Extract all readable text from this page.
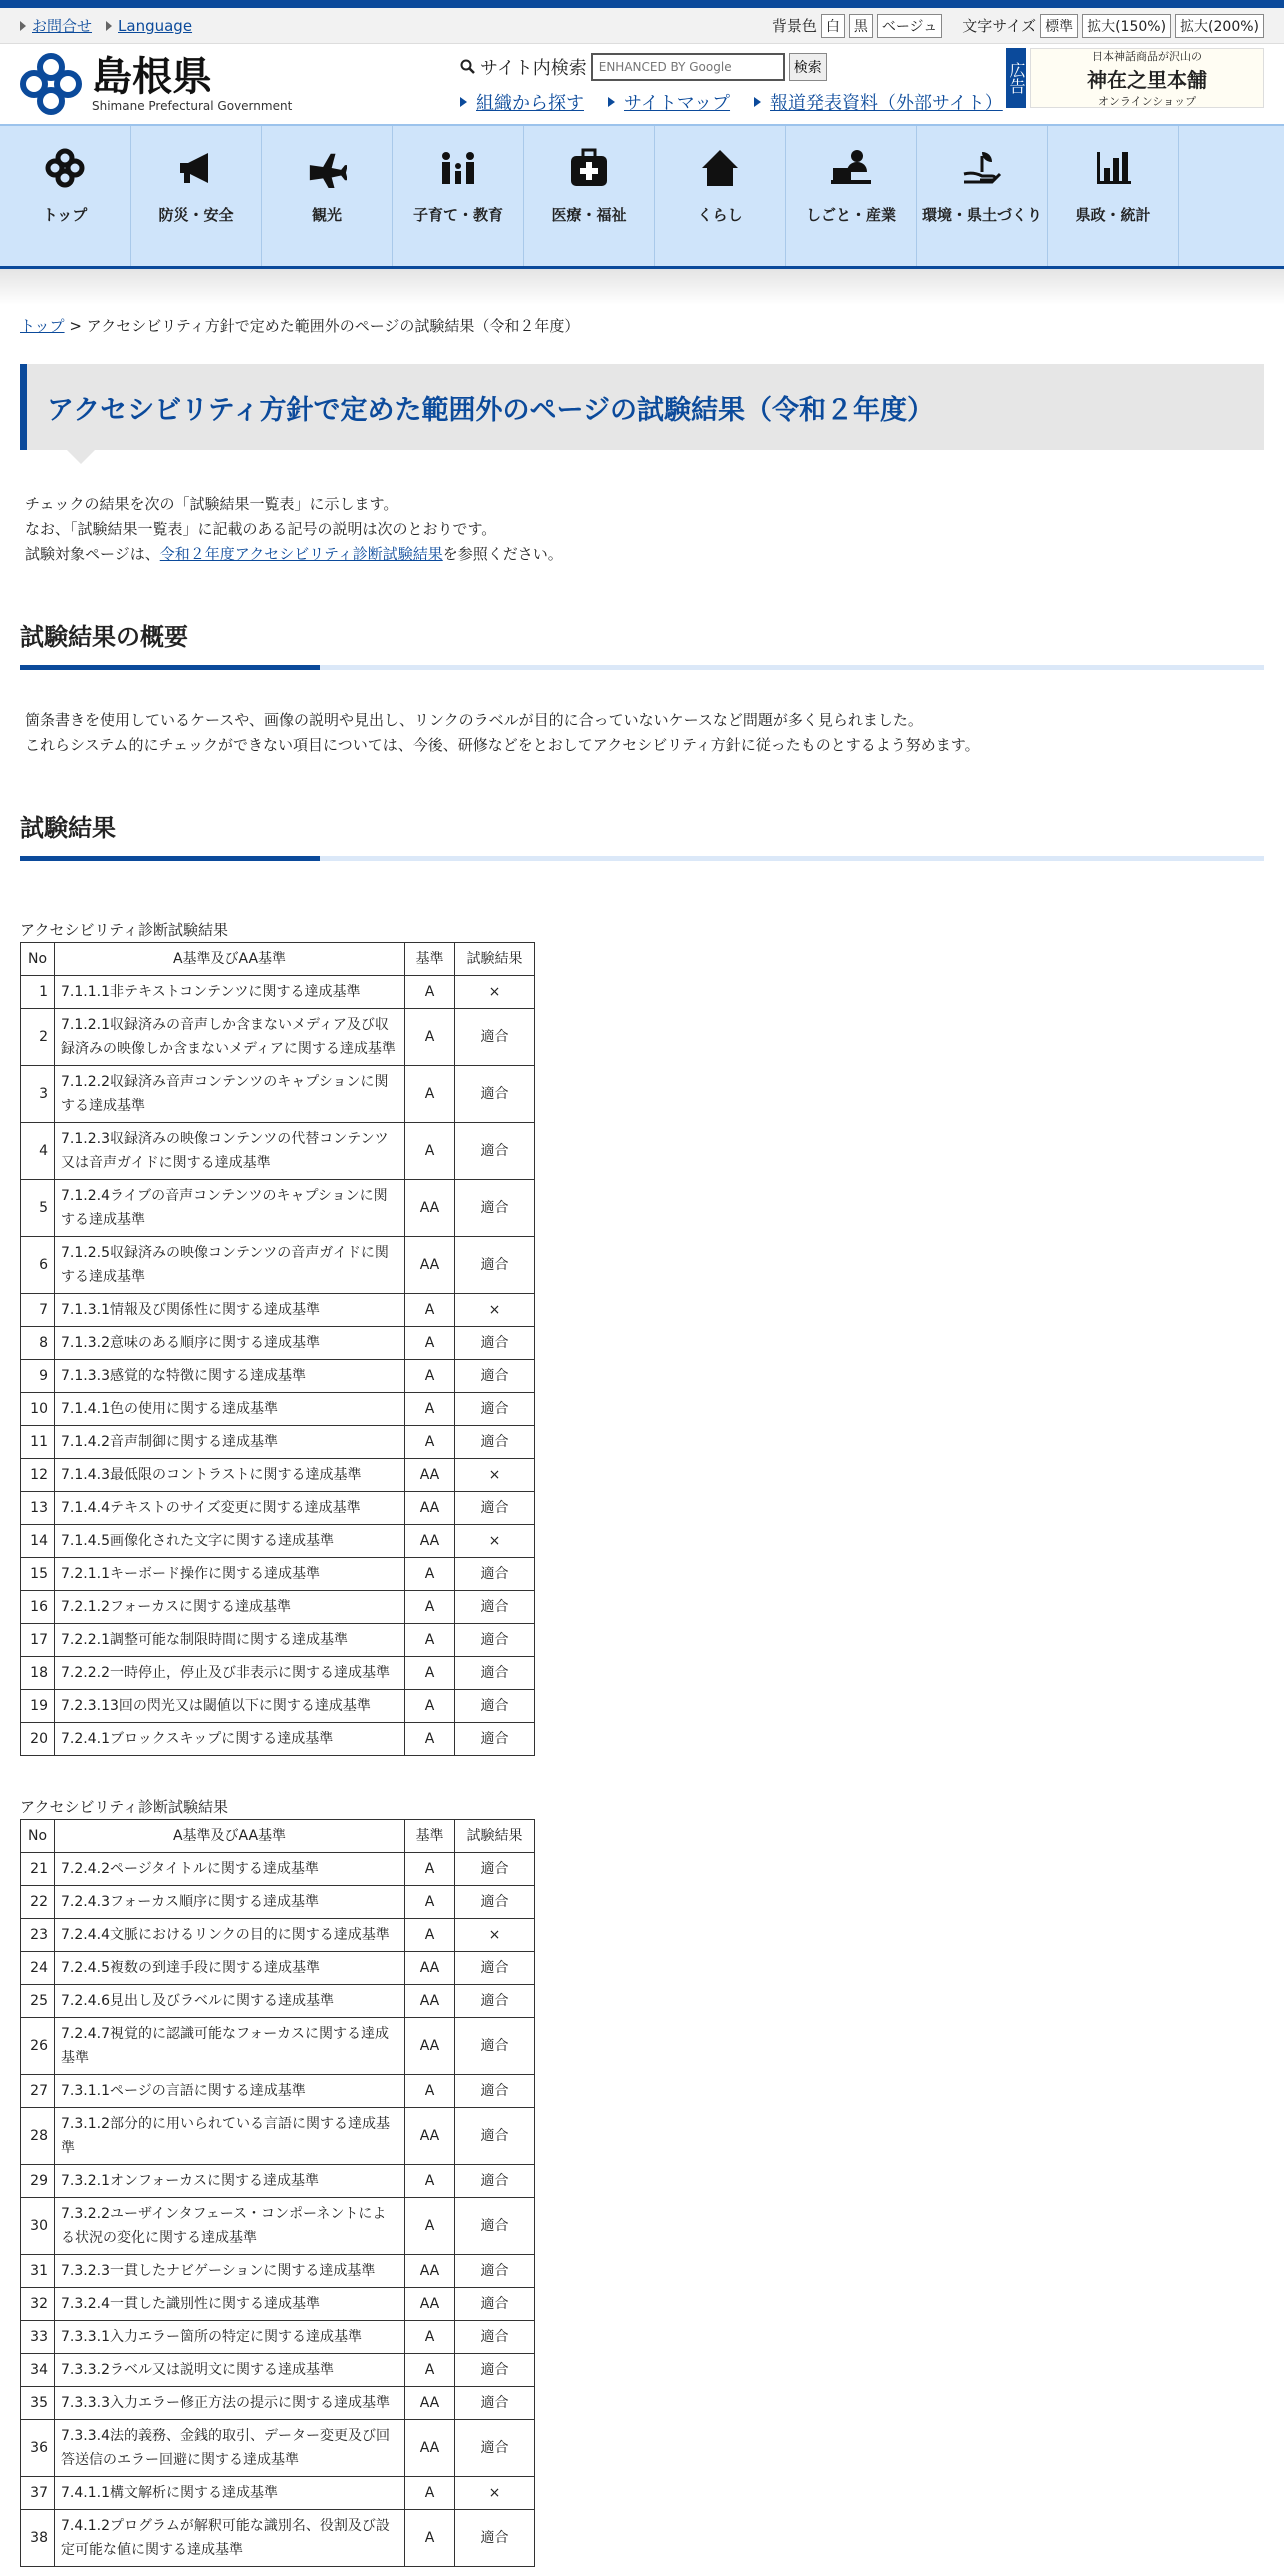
お問合せ Language	背景色 白	黒	ベージュ	文字サイズ 標準	拡大(150%)	拡大(200%)
島根県
Shimane Prefectural Government
サイト内検索
ENHANCED BY Google	検索
組織から探す サイトマップ 報道発表資料（外部サイト）
広告
日本神話商品が沢山の
神在之里本舗
オンラインショップ
トップ	防災・安全	観光	子育て・教育	医療・福祉	くらし	しごと・産業 環境・県土づくり 県政・統計
トップ > アクセシビリティ方針で定めた範囲外のページの試験結果（令和２年度）
アクセシビリティ方針で定めた範囲外のページの試験結果（令和２年度）
チェックの結果を次の「試験結果一覧表」に示します。
なお、「試験結果一覧表」に記載のある記号の説明は次のとおりです。
試験対象ページは、令和２年度アクセシビリティ診断試験結果を参照ください。
試験結果の概要
箇条書きを使用しているケースや、画像の説明や見出し、リンクのラベルが目的に合っていないケースなど問題が多く見られました。
これらシステム的にチェックができない項目については、今後、研修などをとおしてアクセシビリティ方針に従ったものとするよう努めます。
試験結果
アクセシビリティ診断試験結果
No	A基準及びAA基準	基準	試験結果
1	7.1.1.1非テキストコンテンツに関する達成基準	A	×
2	7.1.2.1収録済みの音声しか含まないメディア及び収録済みの映像しか含まないメディアに関する達成基準	A	適合
3	7.1.2.2収録済み音声コンテンツのキャプションに関する達成基準	A	適合
4	7.1.2.3収録済みの映像コンテンツの代替コンテンツ又は音声ガイドに関する達成基準	A	適合
5	7.1.2.4ライブの音声コンテンツのキャプションに関する達成基準	AA	適合
6	7.1.2.5収録済みの映像コンテンツの音声ガイドに関する達成基準	AA	適合
7	7.1.3.1情報及び関係性に関する達成基準	A	×
8	7.1.3.2意味のある順序に関する達成基準	A	適合
9	7.1.3.3感覚的な特徴に関する達成基準	A	適合
10	7.1.4.1色の使用に関する達成基準	A	適合
11	7.1.4.2音声制御に関する達成基準	A	適合
12	7.1.4.3最低限のコントラストに関する達成基準	AA	×
13	7.1.4.4テキストのサイズ変更に関する達成基準	AA	適合
14	7.1.4.5画像化された文字に関する達成基準	AA	×
15	7.2.1.1キーボード操作に関する達成基準	A	適合
16	7.2.1.2フォーカスに関する達成基準	A	適合
17	7.2.2.1調整可能な制限時間に関する達成基準	A	適合
18	7.2.2.2一時停止，停止及び非表示に関する達成基準	A	適合
19	7.2.3.13回の閃光又は閾値以下に関する達成基準	A	適合
20	7.2.4.1ブロックスキップに関する達成基準	A	適合
アクセシビリティ診断試験結果
No	A基準及びAA基準	基準	試験結果
21	7.2.4.2ページタイトルに関する達成基準	A	適合
22	7.2.4.3フォーカス順序に関する達成基準	A	適合
23	7.2.4.4文脈におけるリンクの目的に関する達成基準	A	×
24	7.2.4.5複数の到達手段に関する達成基準	AA	適合
25	7.2.4.6見出し及びラベルに関する達成基準	AA	適合
26	7.2.4.7視覚的に認識可能なフォーカスに関する達成基準	AA	適合
27	7.3.1.1ページの言語に関する達成基準	A	適合
28	7.3.1.2部分的に用いられている言語に関する達成基準	AA	適合
29	7.3.2.1オンフォーカスに関する達成基準	A	適合
30	7.3.2.2ユーザインタフェース・コンポーネントによる状況の変化に関する達成基準	A	適合
31	7.3.2.3一貫したナビゲーションに関する達成基準	AA	適合
32	7.3.2.4一貫した識別性に関する達成基準	AA	適合
33	7.3.3.1入力エラー箇所の特定に関する達成基準	A	適合
34	7.3.3.2ラベル又は説明文に関する達成基準	A	適合
35	7.3.3.3入力エラー修正方法の提示に関する達成基準	AA	適合
36	7.3.3.4法的義務、金銭的取引、データー変更及び回答送信のエラー回避に関する達成基準	AA	適合
37	7.4.1.1構文解析に関する達成基準	A	×
38	7.4.1.2プログラムが解釈可能な識別名、役割及び設定可能な値に関する達成基準	A	適合
